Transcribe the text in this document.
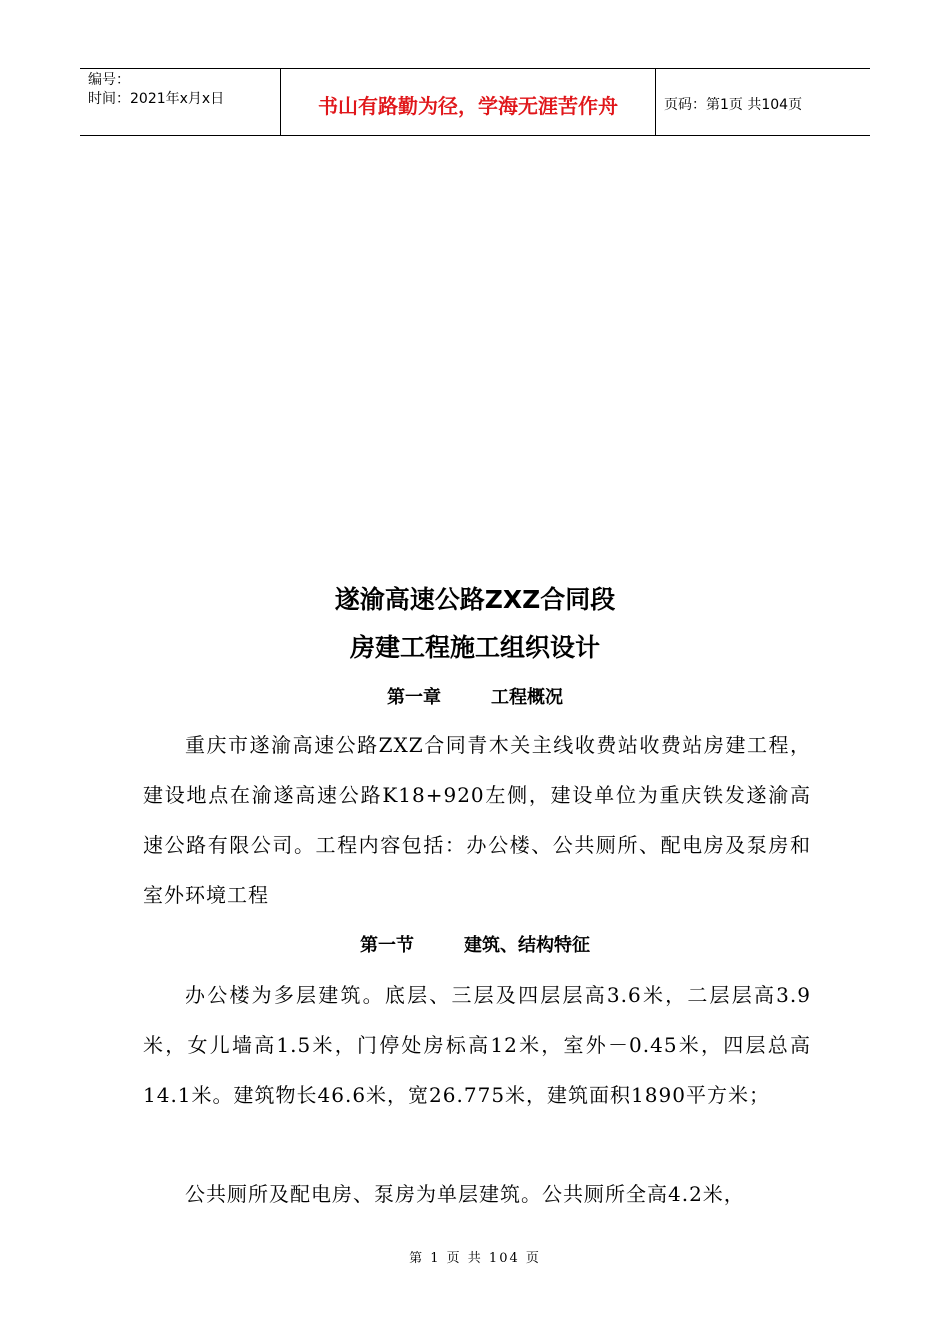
编号：
时间：2021年x月x日	书山有路勤为径，学海无涯苦作舟	页码：第1页 共104页
遂渝高速公路ZXZ合同段
房建工程施工组织设计
第一章	工程概况

重庆市遂渝高速公路ZXZ合同青木关主线收费站收费站房建工程，建设地点在渝遂高速公路K18+920左侧，建设单位为重庆铁发遂渝高速公路有限公司。工程内容包括：办公楼、公共厕所、配电房及泵房和室外环境工程

第一节	建筑、结构特征

办公楼为多层建筑。底层、三层及四层层高3.6米，二层层高3.9米，女儿墙高1.5米，门停处房标高12米，室外－0.45米，四层总高14.1米。建筑物长46.6米，宽26.775米，建筑面积1890平方米；

公共厕所及配电房、泵房为单层建筑。公共厕所全高4.2米，

第 1 页 共 104 页
